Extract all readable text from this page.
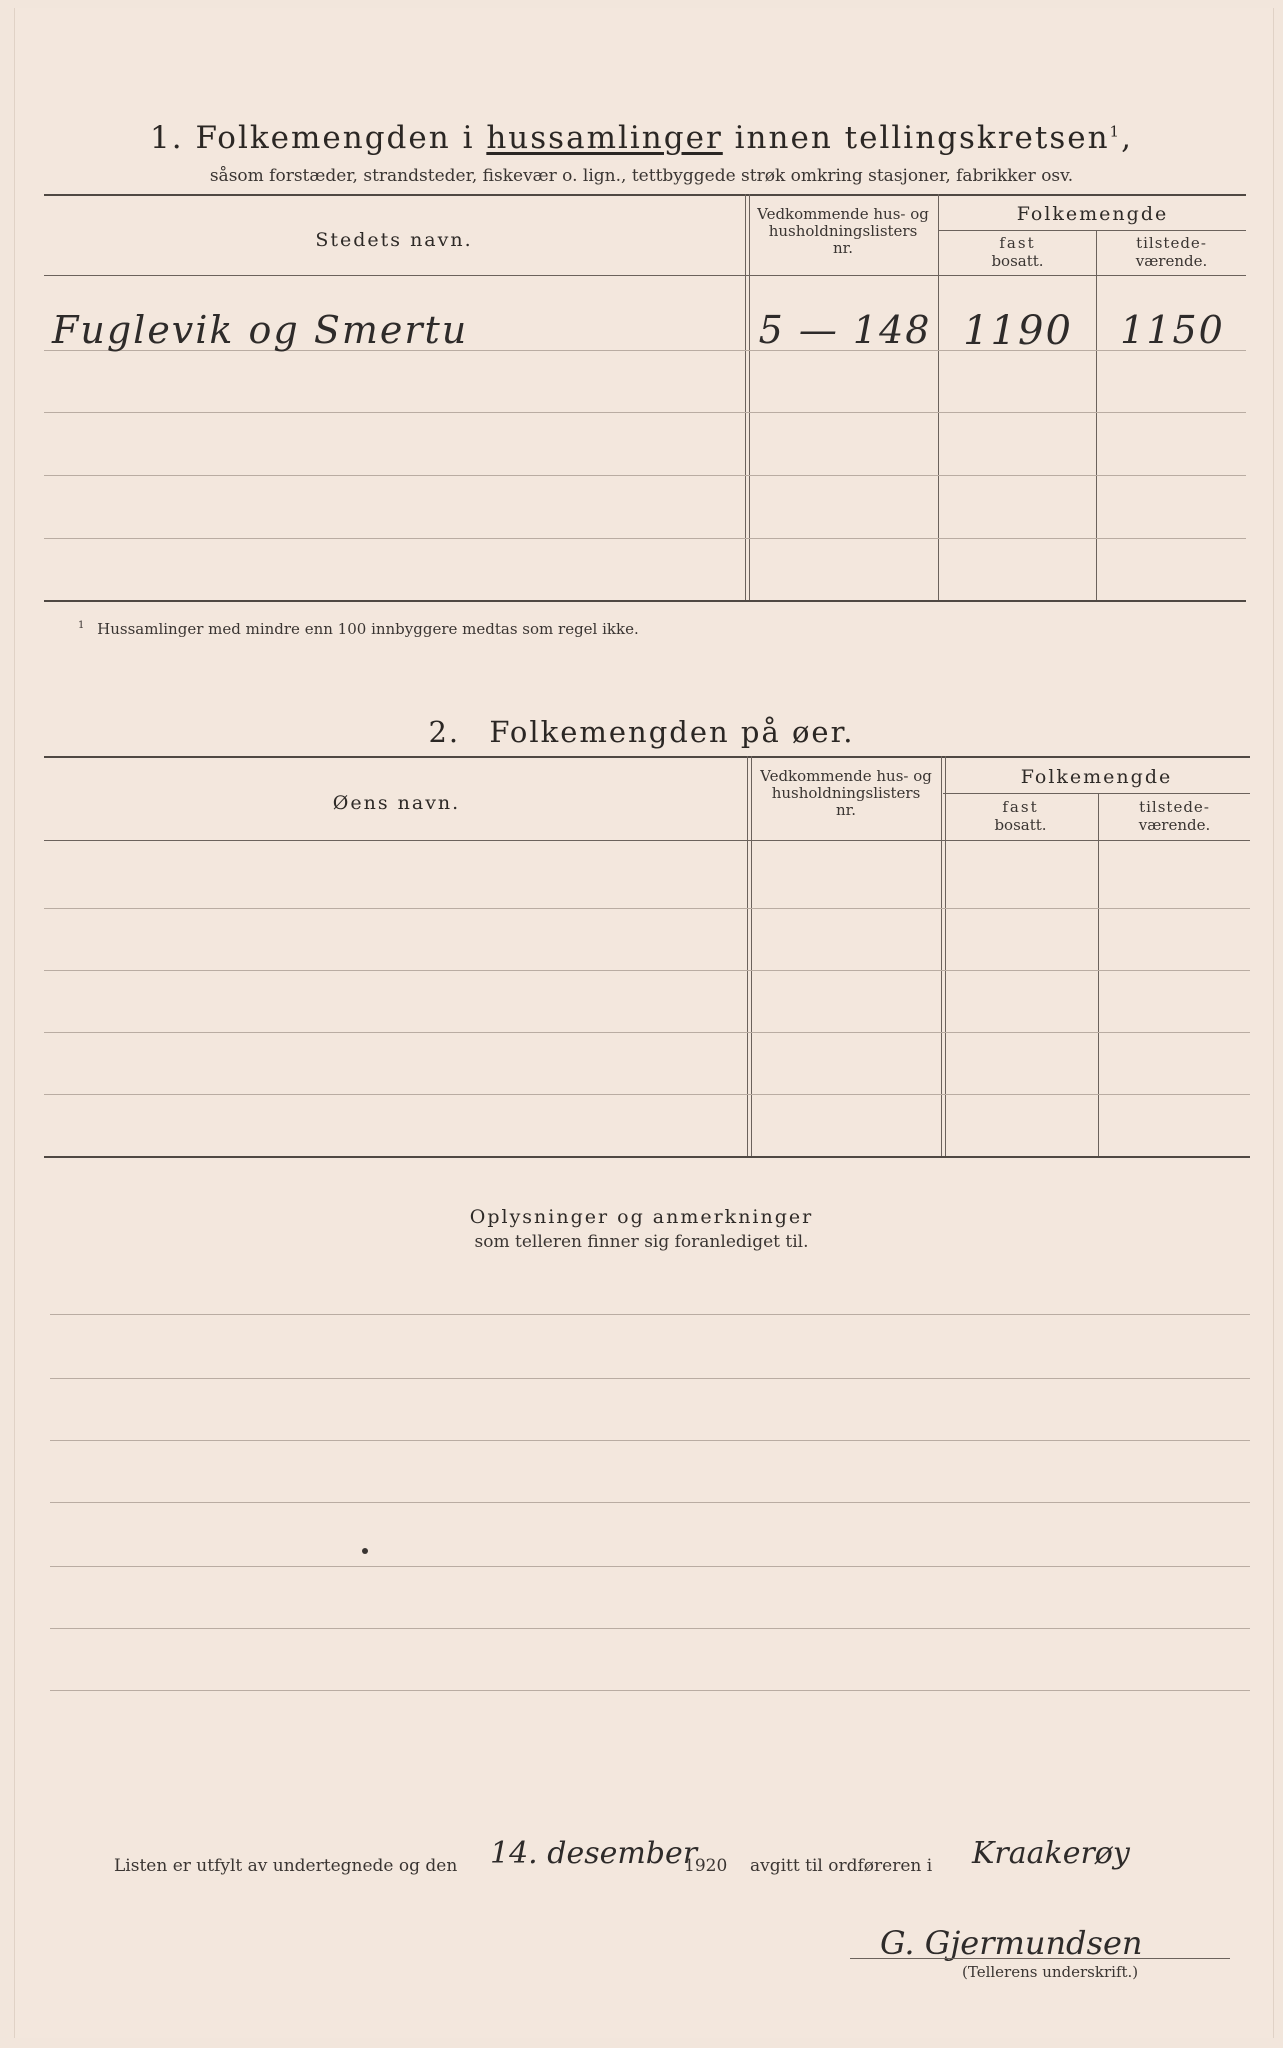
1. Folkemengden i hussamlinger innen tellingskretsen$^1$,
såsom forstæder, strandsteder, fiskevær o. lign., tettbyggede strøk omkring stasjoner, fabrikker osv.
Stedets navn.
Vedkommende hus- og
husholdningslisters
nr.
Folkemengde
fast
bosatt.
tilstede-
værende.
Fuglevik og Smertu	5 — 148 1190	1150
$^1$ Hussamlinger med mindre enn 100 innbyggere medtas som regel ikke.
2. Folkemengden på øer.
Øens navn.
Vedkommende hus- og
husholdningslisters
nr.
Folkemengde
fast
bosatt.
tilstede-
værende.
Oplysninger og anmerkninger
som telleren finner sig foranlediget til.
Listen er utfylt av undertegnede og den 14. desember
1920 avgitt til ordføreren i Kraakerøy
G. Gjermundsen
(Tellerens underskrift.)
